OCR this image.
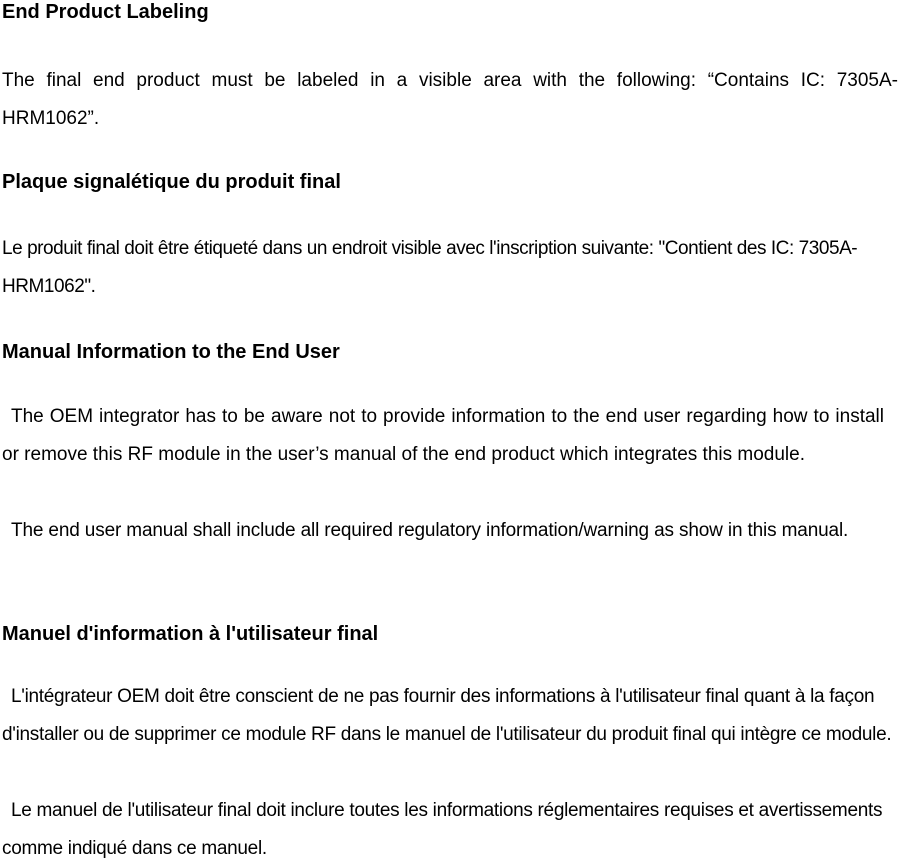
End Product Labeling

The final end product must be labeled in a visible area with the following: “Contains IC: 7305A-HRM1062”.

Plaque signalétique du produit final

Le produit final doit être étiqueté dans un endroit visible avec l'inscription suivante: "Contient des IC: 7305A-HRM1062".

Manual Information to the End User

The OEM integrator has to be aware not to provide information to the end user regarding how to install or remove this RF module in the user’s manual of the end product which integrates this module.

The end user manual shall include all required regulatory information/warning as show in this manual.

Manuel d'information à l'utilisateur final

L'intégrateur OEM doit être conscient de ne pas fournir des informations à l'utilisateur final quant à la façon d'installer ou de supprimer ce module RF dans le manuel de l'utilisateur du produit final qui intègre ce module.

Le manuel de l'utilisateur final doit inclure toutes les informations réglementaires requises et avertissements comme indiqué dans ce manuel.
